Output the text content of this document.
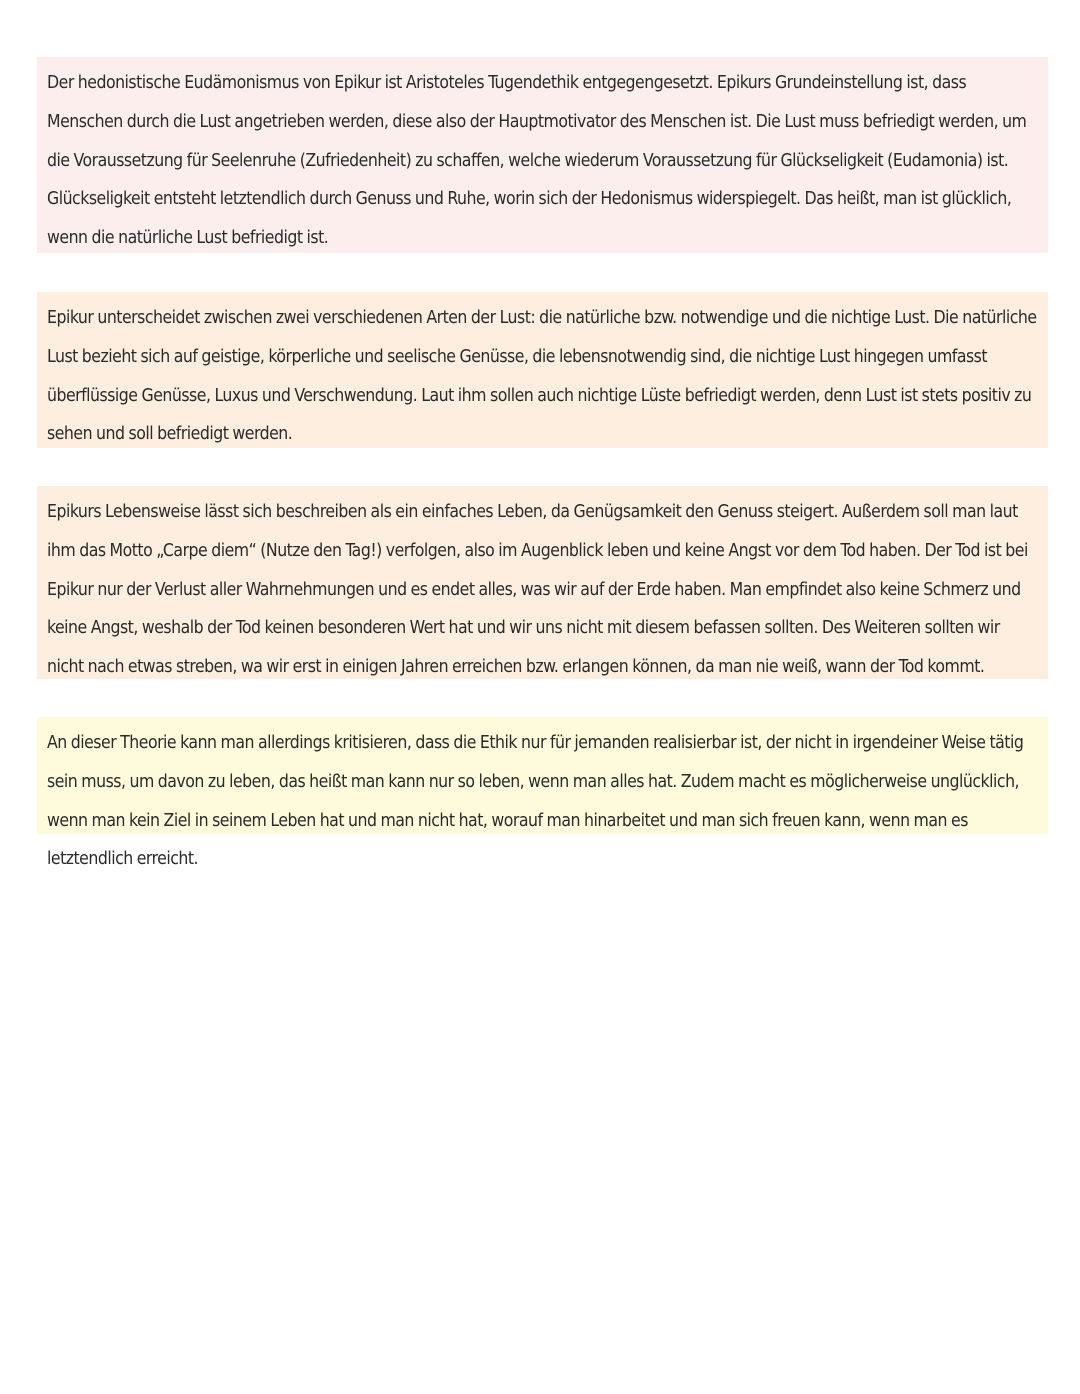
Der hedonistische Eudämonismus von Epikur ist Aristoteles Tugendethik entgegengesetzt. Epikurs Grundeinstellung ist, dass Menschen durch die Lust angetrieben werden, diese also der Hauptmotivator des Menschen ist. Die Lust muss befriedigt werden, um die Voraussetzung für Seelenruhe (Zufriedenheit) zu schaffen, welche wiederum Voraussetzung für Glückseligkeit (Eudamonia) ist. Glückseligkeit entsteht letztendlich durch Genuss und Ruhe, worin sich der Hedonismus widerspiegelt. Das heißt, man ist glücklich, wenn die natürliche Lust befriedigt ist.
Epikur unterscheidet zwischen zwei verschiedenen Arten der Lust: die natürliche bzw. notwendige und die nichtige Lust. Die natürliche Lust bezieht sich auf geistige, körperliche und seelische Genüsse, die lebensnotwendig sind, die nichtige Lust hingegen umfasst überflüssige Genüsse, Luxus und Verschwendung. Laut ihm sollen auch nichtige Lüste befriedigt werden, denn Lust ist stets positiv zu sehen und soll befriedigt werden.
Epikurs Lebensweise lässt sich beschreiben als ein einfaches Leben, da Genügsamkeit den Genuss steigert. Außerdem soll man laut ihm das Motto „Carpe diem“ (Nutze den Tag!) verfolgen, also im Augenblick leben und keine Angst vor dem Tod haben. Der Tod ist bei Epikur nur der Verlust aller Wahrnehmungen und es endet alles, was wir auf der Erde haben. Man empfindet also keine Schmerz und keine Angst, weshalb der Tod keinen besonderen Wert hat und wir uns nicht mit diesem befassen sollten. Des Weiteren sollten wir nicht nach etwas streben, wa wir erst in einigen Jahren erreichen bzw. erlangen können, da man nie weiß, wann der Tod kommt.
An dieser Theorie kann man allerdings kritisieren, dass die Ethik nur für jemanden realisierbar ist, der nicht in irgendeiner Weise tätig sein muss, um davon zu leben, das heißt man kann nur so leben, wenn man alles hat. Zudem macht es möglicherweise unglücklich, wenn man kein Ziel in seinem Leben hat und man nicht hat, worauf man hinarbeitet und man sich freuen kann, wenn man es letztendlich erreicht.
